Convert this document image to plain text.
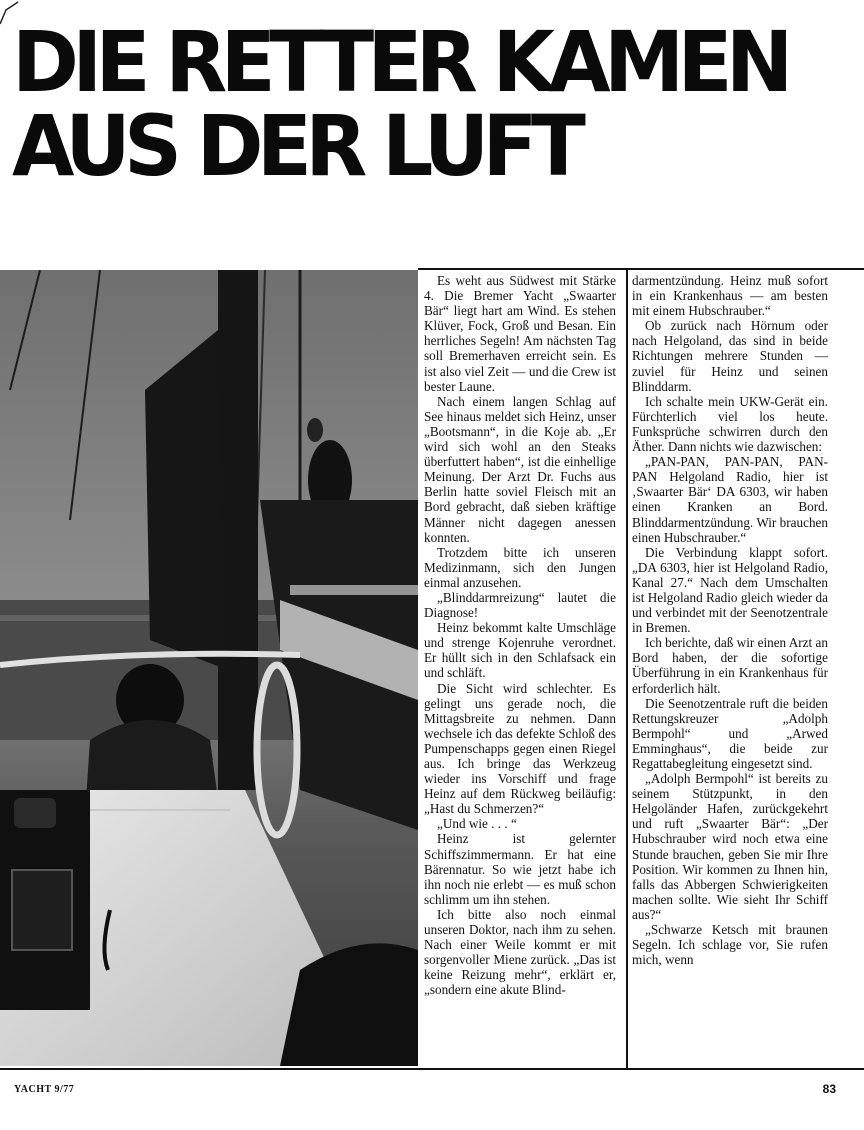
DIE RETTER KAMEN
AUS DER LUFT

Es weht aus Südwest mit Stärke 4. Die Bremer Yacht „Swaarter Bär“ liegt hart am Wind. Es stehen Klüver, Fock, Groß und Besan. Ein herrliches Segeln! Am nächsten Tag soll Bremerhaven erreicht sein. Es ist also viel Zeit — und die Crew ist bester Laune.

Nach einem langen Schlag auf See hinaus meldet sich Heinz, unser „Bootsmann“, in die Koje ab. „Er wird sich wohl an den Steaks überfuttert haben“, ist die einhellige Meinung. Der Arzt Dr. Fuchs aus Berlin hatte soviel Fleisch mit an Bord gebracht, daß sieben kräftige Männer nicht dagegen anessen konnten.

Trotzdem bitte ich unseren Medizinmann, sich den Jungen einmal anzusehen.

„Blinddarmreizung“ lautet die Diagnose!

Heinz bekommt kalte Umschläge und strenge Kojenruhe verordnet. Er hüllt sich in den Schlafsack ein und schläft.

Die Sicht wird schlechter. Es gelingt uns gerade noch, die Mittagsbreite zu nehmen. Dann wechsele ich das defekte Schloß des Pumpenschapps gegen einen Riegel aus. Ich bringe das Werkzeug wieder ins Vorschiff und frage Heinz auf dem Rückweg beiläufig: „Hast du Schmerzen?“

„Und wie . . . “

Heinz ist gelernter Schiffszimmermann. Er hat eine Bärennatur. So wie jetzt habe ich ihn noch nie erlebt — es muß schon schlimm um ihn stehen.

Ich bitte also noch einmal unseren Doktor, nach ihm zu sehen. Nach einer Weile kommt er mit sorgenvoller Miene zurück. „Das ist keine Reizung mehr“, erklärt er, „sondern eine akute Blind-

darmentzündung. Heinz muß sofort in ein Krankenhaus — am besten mit einem Hubschrauber.“

Ob zurück nach Hörnum oder nach Helgoland, das sind in beide Richtungen mehrere Stunden — zuviel für Heinz und seinen Blinddarm.

Ich schalte mein UKW-Gerät ein. Fürchterlich viel los heute. Funksprüche schwirren durch den Äther. Dann nichts wie dazwischen:

„PAN-PAN, PAN-PAN, PAN-PAN Helgoland Radio, hier ist ‚Swaarter Bär‘ DA 6303, wir haben einen Kranken an Bord. Blinddarmentzündung. Wir brauchen einen Hubschrauber.“

Die Verbindung klappt sofort. „DA 6303, hier ist Helgoland Radio, Kanal 27.“ Nach dem Umschalten ist Helgoland Radio gleich wieder da und verbindet mit der Seenotzentrale in Bremen.

Ich berichte, daß wir einen Arzt an Bord haben, der die sofortige Überführung in ein Krankenhaus für erforderlich hält.

Die Seenotzentrale ruft die beiden Rettungskreuzer „Adolph Bermpohl“ und „Arwed Emminghaus“, die beide zur Regattabegleitung eingesetzt sind.

„Adolph Bermpohl“ ist bereits zu seinem Stützpunkt, in den Helgoländer Hafen, zurückgekehrt und ruft „Swaarter Bär“: „Der Hubschrauber wird noch etwa eine Stunde brauchen, geben Sie mir Ihre Position. Wir kommen zu Ihnen hin, falls das Abbergen Schwierigkeiten machen sollte. Wie sieht Ihr Schiff aus?“

„Schwarze Ketsch mit braunen Segeln. Ich schlage vor, Sie rufen mich, wenn

YACHT 9/77	83
